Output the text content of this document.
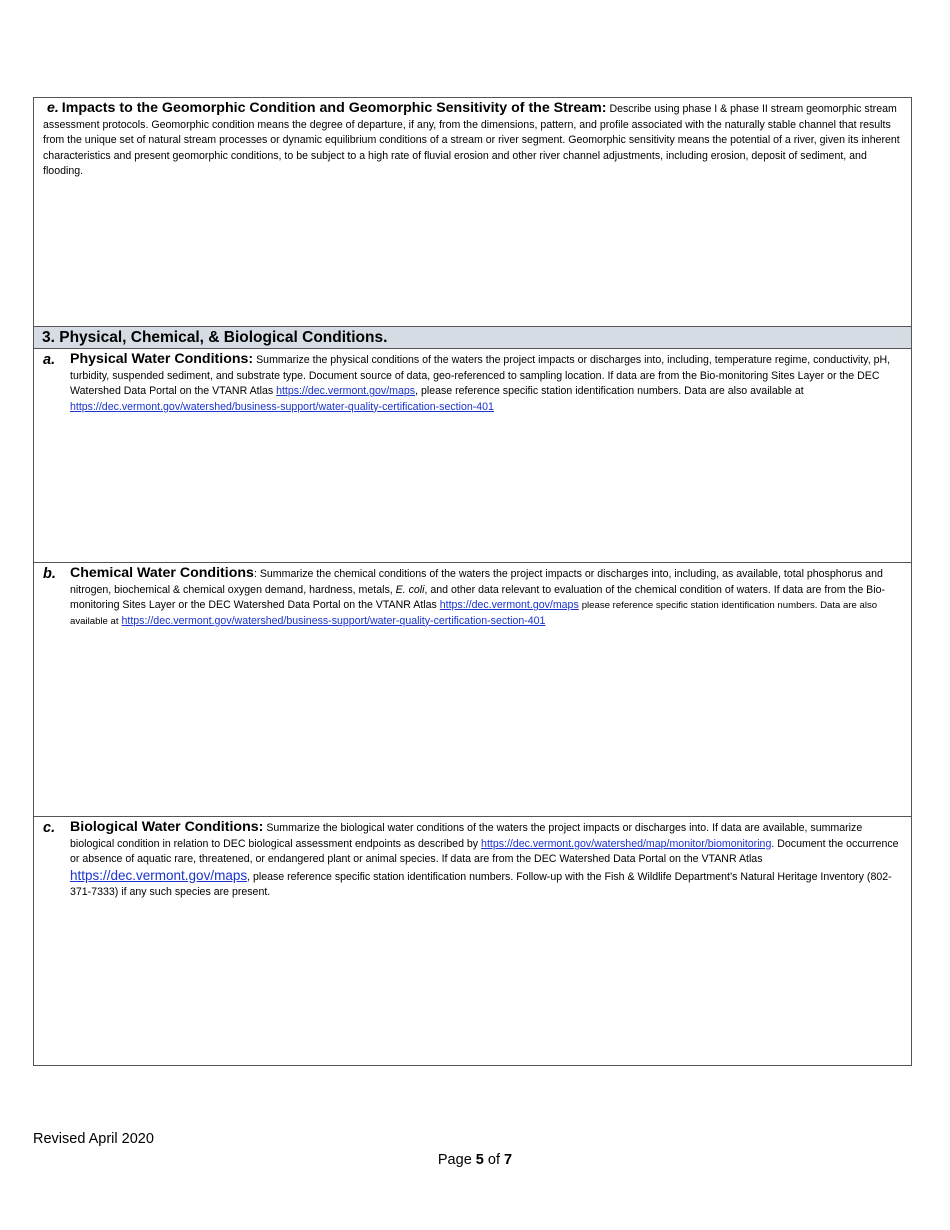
e. Impacts to the Geomorphic Condition and Geomorphic Sensitivity of the Stream: Describe using phase I & phase II stream geomorphic stream assessment protocols. Geomorphic condition means the degree of departure, if any, from the dimensions, pattern, and profile associated with the naturally stable channel that results from the unique set of natural stream processes or dynamic equilibrium conditions of a stream or river segment. Geomorphic sensitivity means the potential of a river, given its inherent characteristics and present geomorphic conditions, to be subject to a high rate of fluvial erosion and other river channel adjustments, including erosion, deposit of sediment, and flooding.
3. Physical, Chemical, & Biological Conditions.
a. Physical Water Conditions: Summarize the physical conditions of the waters the project impacts or discharges into, including, temperature regime, conductivity, pH, turbidity, suspended sediment, and substrate type. Document source of data, geo-referenced to sampling location. If data are from the Bio-monitoring Sites Layer or the DEC Watershed Data Portal on the VTANR Atlas https://dec.vermont.gov/maps, please reference specific station identification numbers. Data are also available at https://dec.vermont.gov/watershed/business-support/water-quality-certification-section-401
b. Chemical Water Conditions: Summarize the chemical conditions of the waters the project impacts or discharges into, including, as available, total phosphorus and nitrogen, biochemical & chemical oxygen demand, hardness, metals, E. coli, and other data relevant to evaluation of the chemical condition of waters. If data are from the Bio-monitoring Sites Layer or the DEC Watershed Data Portal on the VTANR Atlas https://dec.vermont.gov/maps please reference specific station identification numbers. Data are also available at https://dec.vermont.gov/watershed/business-support/water-quality-certification-section-401
c. Biological Water Conditions: Summarize the biological water conditions of the waters the project impacts or discharges into. If data are available, summarize biological condition in relation to DEC biological assessment endpoints as described by https://dec.vermont.gov/watershed/map/monitor/biomonitoring. Document the occurrence or absence of aquatic rare, threatened, or endangered plant or animal species. If data are from the DEC Watershed Data Portal on the VTANR Atlas https://dec.vermont.gov/maps, please reference specific station identification numbers. Follow-up with the Fish & Wildlife Department’s Natural Heritage Inventory (802-371-7333) if any such species are present.
Revised April 2020
Page 5 of 7
